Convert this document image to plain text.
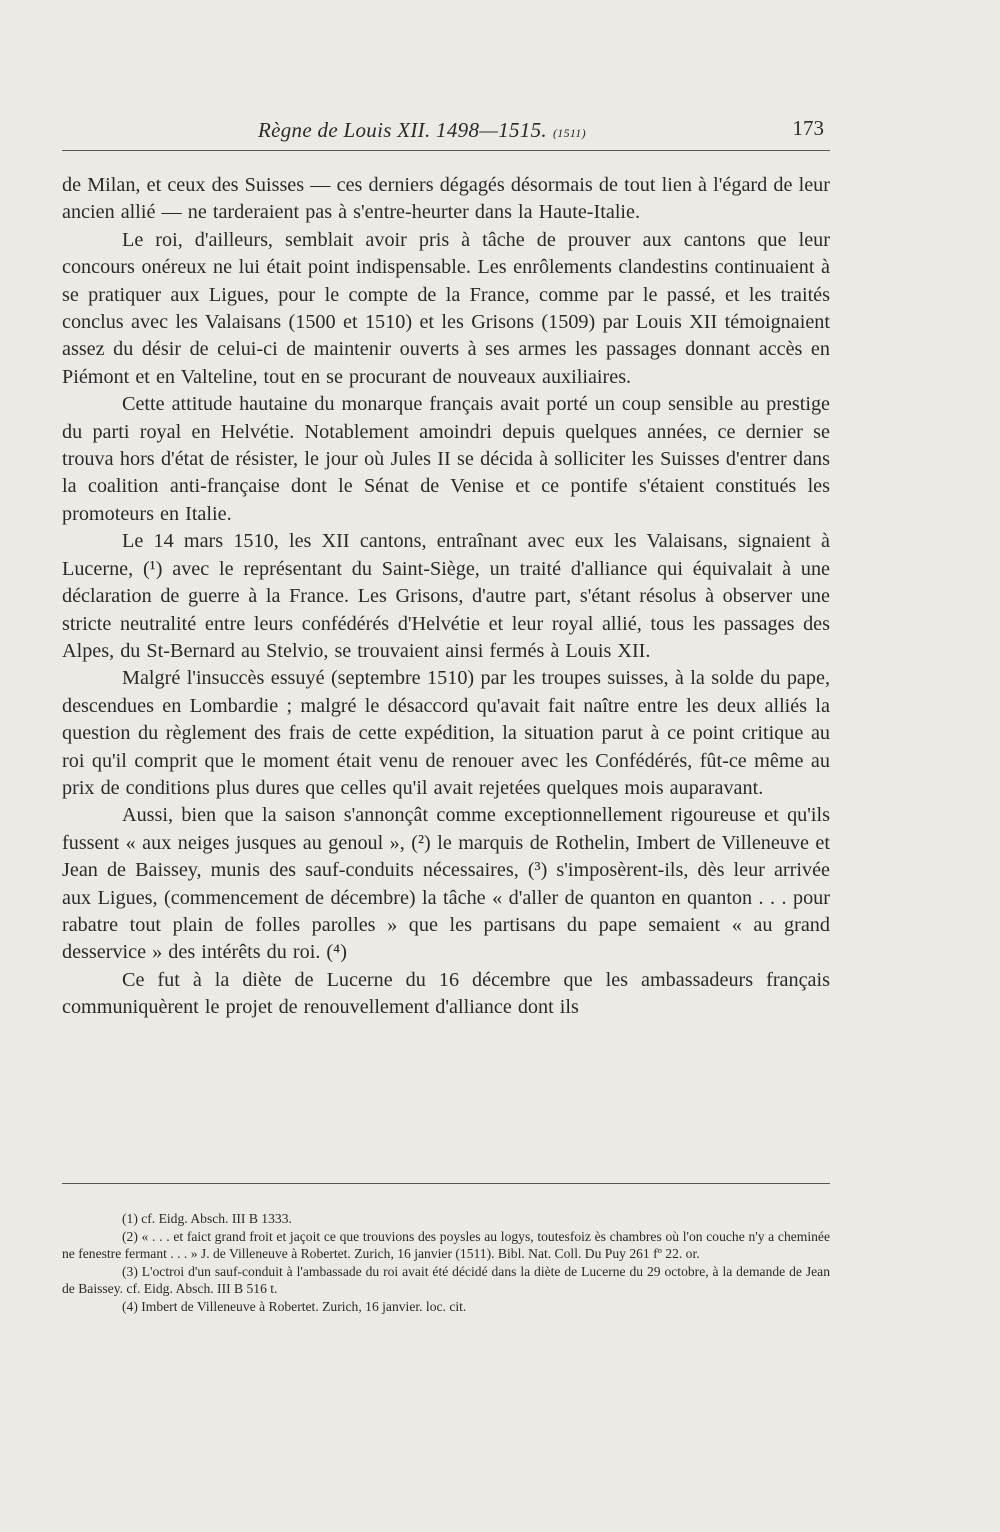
Règne de Louis XII. 1498—1515. (1511)	173

de Milan, et ceux des Suisses — ces derniers dégagés désormais de tout lien à l'égard de leur ancien allié — ne tarderaient pas à s'entre-heurter dans la Haute-Italie.

Le roi, d'ailleurs, semblait avoir pris à tâche de prouver aux cantons que leur concours onéreux ne lui était point indispensable. Les enrôlements clandestins continuaient à se pratiquer aux Ligues, pour le compte de la France, comme par le passé, et les traités conclus avec les Valaisans (1500 et 1510) et les Grisons (1509) par Louis XII témoignaient assez du désir de celui-ci de maintenir ouverts à ses armes les passages donnant accès en Piémont et en Valteline, tout en se procurant de nouveaux auxiliaires.

Cette attitude hautaine du monarque français avait porté un coup sensible au prestige du parti royal en Helvétie. Notablement amoindri depuis quelques années, ce dernier se trouva hors d'état de résister, le jour où Jules II se décida à solliciter les Suisses d'entrer dans la coalition anti-française dont le Sénat de Venise et ce pontife s'étaient constitués les promoteurs en Italie.

Le 14 mars 1510, les XII cantons, entraînant avec eux les Valaisans, signaient à Lucerne, (¹) avec le représentant du Saint-Siège, un traité d'alliance qui équivalait à une déclaration de guerre à la France. Les Grisons, d'autre part, s'étant résolus à observer une stricte neutralité entre leurs confédérés d'Helvétie et leur royal allié, tous les passages des Alpes, du St-Bernard au Stelvio, se trouvaient ainsi fermés à Louis XII.

Malgré l'insuccès essuyé (septembre 1510) par les troupes suisses, à la solde du pape, descendues en Lombardie ; malgré le désaccord qu'avait fait naître entre les deux alliés la question du règlement des frais de cette expédition, la situation parut à ce point critique au roi qu'il comprit que le moment était venu de renouer avec les Confédérés, fût-ce même au prix de conditions plus dures que celles qu'il avait rejetées quelques mois auparavant.

Aussi, bien que la saison s'annonçât comme exceptionnellement rigoureuse et qu'ils fussent « aux neiges jusques au genoul », (²) le marquis de Rothelin, Imbert de Villeneuve et Jean de Baissey, munis des sauf-conduits nécessaires, (³) s'imposèrent-ils, dès leur arrivée aux Ligues, (commencement de décembre) la tâche « d'aller de quanton en quanton . . . pour rabatre tout plain de folles parolles » que les partisans du pape semaient « au grand desservice » des intérêts du roi. (⁴)

Ce fut à la diète de Lucerne du 16 décembre que les ambassadeurs français communiquèrent le projet de renouvellement d'alliance dont ils

(1) cf. Eidg. Absch. III B 1333.

(2) « . . . et faict grand froit et jaçoit ce que trouvions des poysles au logys, toutesfoiz ès chambres où l'on couche n'y a cheminée ne fenestre fermant . . . » J. de Villeneuve à Robertet. Zurich, 16 janvier (1511). Bibl. Nat. Coll. Du Puy 261 fº 22. or.

(3) L'octroi d'un sauf-conduit à l'ambassade du roi avait été décidé dans la diète de Lucerne du 29 octobre, à la demande de Jean de Baissey. cf. Eidg. Absch. III B 516 t.

(4) Imbert de Villeneuve à Robertet. Zurich, 16 janvier. loc. cit.
